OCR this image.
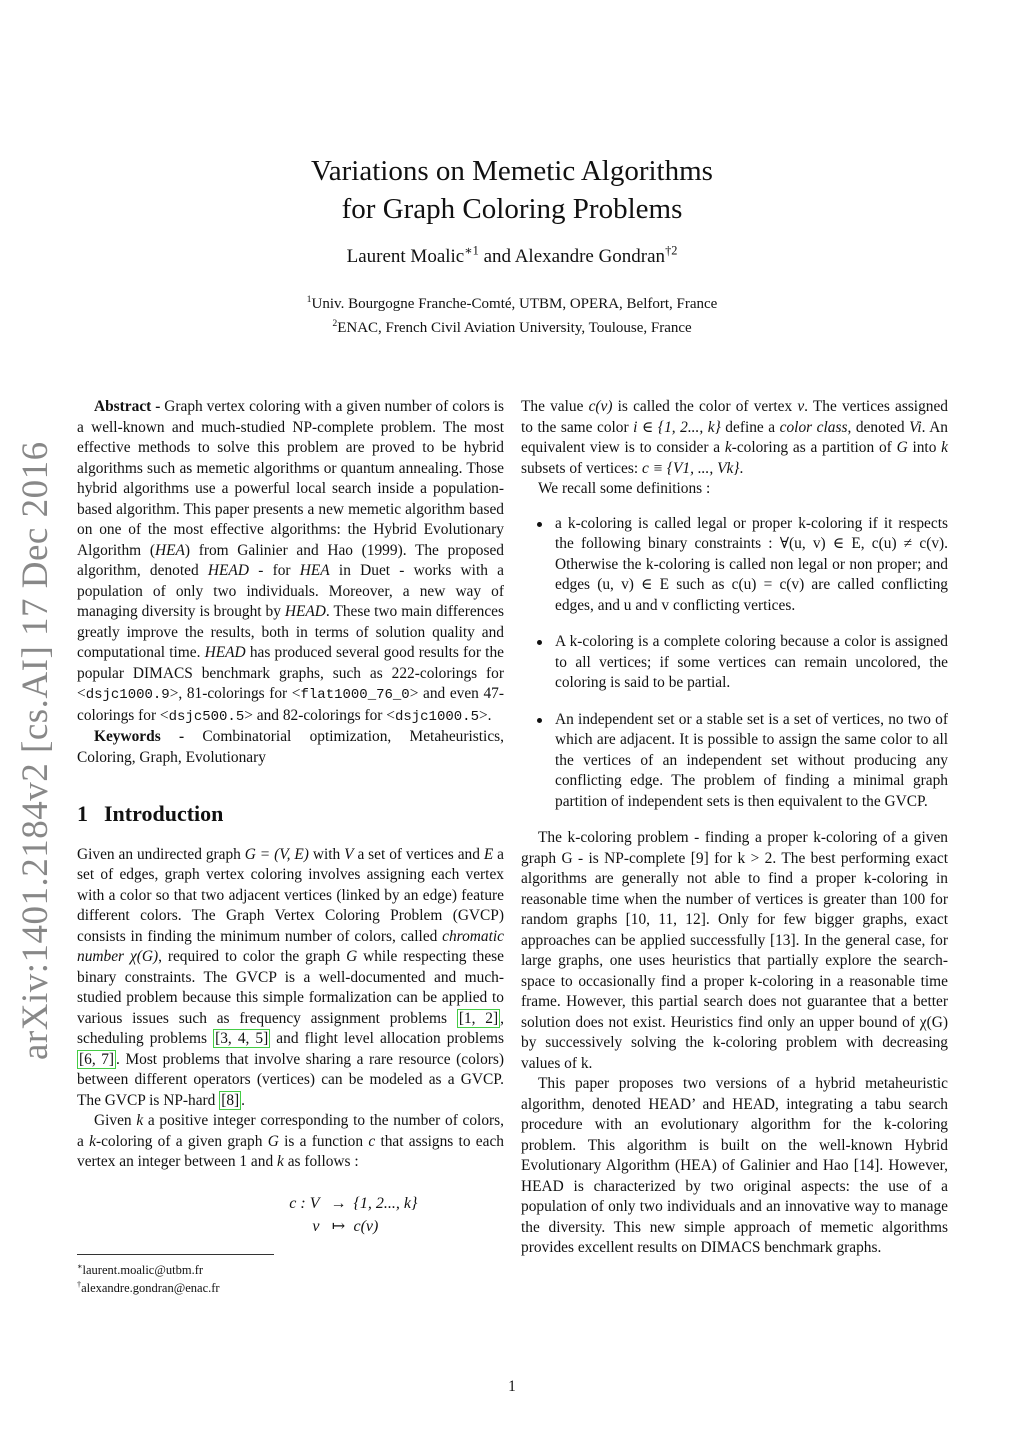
arXiv:1401.2184v2 [cs.AI] 17 Dec 2016
Variations on Memetic Algorithms
for Graph Coloring Problems
Laurent Moalic$^{∗1}$ and Alexandre Gondran$^{\dagger 2}$
$^1$Univ. Bourgogne Franche-Comté, UTBM, OPERA, Belfort, France
$^2$ENAC, French Civil Aviation University, Toulouse, France

Abstract - Graph vertex coloring with a given number of colors is a well-known and much-studied NP-complete problem. The most effective methods to solve this problem are proved to be hybrid algorithms such as memetic algorithms or quantum annealing. Those hybrid algorithms use a powerful local search inside a population-based algorithm. This paper presents a new memetic algorithm based on one of the most effective algorithms: the Hybrid Evolutionary Algorithm (HEA) from Galinier and Hao (1999). The proposed algorithm, denoted HEAD - for HEA in Duet - works with a population of only two individuals. Moreover, a new way of managing diversity is brought by HEAD. These two main differences greatly improve the results, both in terms of solution quality and computational time. HEAD has produced several good results for the popular DIMACS benchmark graphs, such as 222-colorings for <dsjc1000.9>, 81-colorings for <flat1000_76_0> and even 47-colorings for <dsjc500.5> and 82-colorings for <dsjc1000.5>.

Keywords - Combinatorial optimization, Metaheuristics, Coloring, Graph, Evolutionary

1 Introduction

Given an undirected graph G = (V, E) with V a set of vertices and E a set of edges, graph vertex coloring involves assigning each vertex with a color so that two adjacent vertices (linked by an edge) feature different colors. The Graph Vertex Coloring Problem (GVCP) consists in finding the minimum number of colors, called chromatic number χ(G), required to color the graph G while respecting these binary constraints. The GVCP is a well-documented and much-studied problem because this simple formalization can be applied to various issues such as frequency assignment problems [1, 2] , scheduling problems [3, 4, 5] and flight level allocation problems [6, 7] . Most problems that involve sharing a rare resource (colors) between different operators (vertices) can be modeled as a GVCP. The GVCP is NP-hard [8] .

Given k a positive integer corresponding to the number of colors, a k-coloring of a given graph G is a function c that assigns to each vertex an integer between 1 and k as follows :

c : V → {1, 2..., k}
v ↦ c(v)
∗laurent.moalic@utbm.fr
†alexandre.gondran@enac.fr

The value c(v) is called the color of vertex v. The vertices assigned to the same color i ∈ {1, 2..., k} define a color class, denoted Vi. An equivalent view is to consider a k-coloring as a partition of G into k subsets of vertices: c ≡ {V1, ..., Vk}.

We recall some definitions :

a k-coloring is called legal or proper k-coloring if it respects the following binary constraints : ∀(u, v) ∈ E, c(u) ≠ c(v). Otherwise the k-coloring is called non legal or non proper; and edges (u, v) ∈ E such as c(u) = c(v) are called conflicting edges, and u and v conflicting vertices.
A k-coloring is a complete coloring because a color is assigned to all vertices; if some vertices can remain uncolored, the coloring is said to be partial.
An independent set or a stable set is a set of vertices, no two of which are adjacent. It is possible to assign the same color to all the vertices of an independent set without producing any conflicting edge. The problem of finding a minimal graph partition of independent sets is then equivalent to the GVCP.

The k-coloring problem - finding a proper k-coloring of a given graph G - is NP-complete [9] for k > 2. The best performing exact algorithms are generally not able to find a proper k-coloring in reasonable time when the number of vertices is greater than 100 for random graphs [10, 11, 12]. Only for few bigger graphs, exact approaches can be applied successfully [13]. In the general case, for large graphs, one uses heuristics that partially explore the search-space to occasionally find a proper k-coloring in a reasonable time frame. However, this partial search does not guarantee that a better solution does not exist. Heuristics find only an upper bound of χ(G) by successively solving the k-coloring problem with decreasing values of k.

This paper proposes two versions of a hybrid metaheuristic algorithm, denoted HEAD’ and HEAD, integrating a tabu search procedure with an evolutionary algorithm for the k-coloring problem. This algorithm is built on the well-known Hybrid Evolutionary Algorithm (HEA) of Galinier and Hao [14]. However, HEAD is characterized by two original aspects: the use of a population of only two individuals and an innovative way to manage the diversity. This new simple approach of memetic algorithms provides excellent results on DIMACS benchmark graphs.

1
